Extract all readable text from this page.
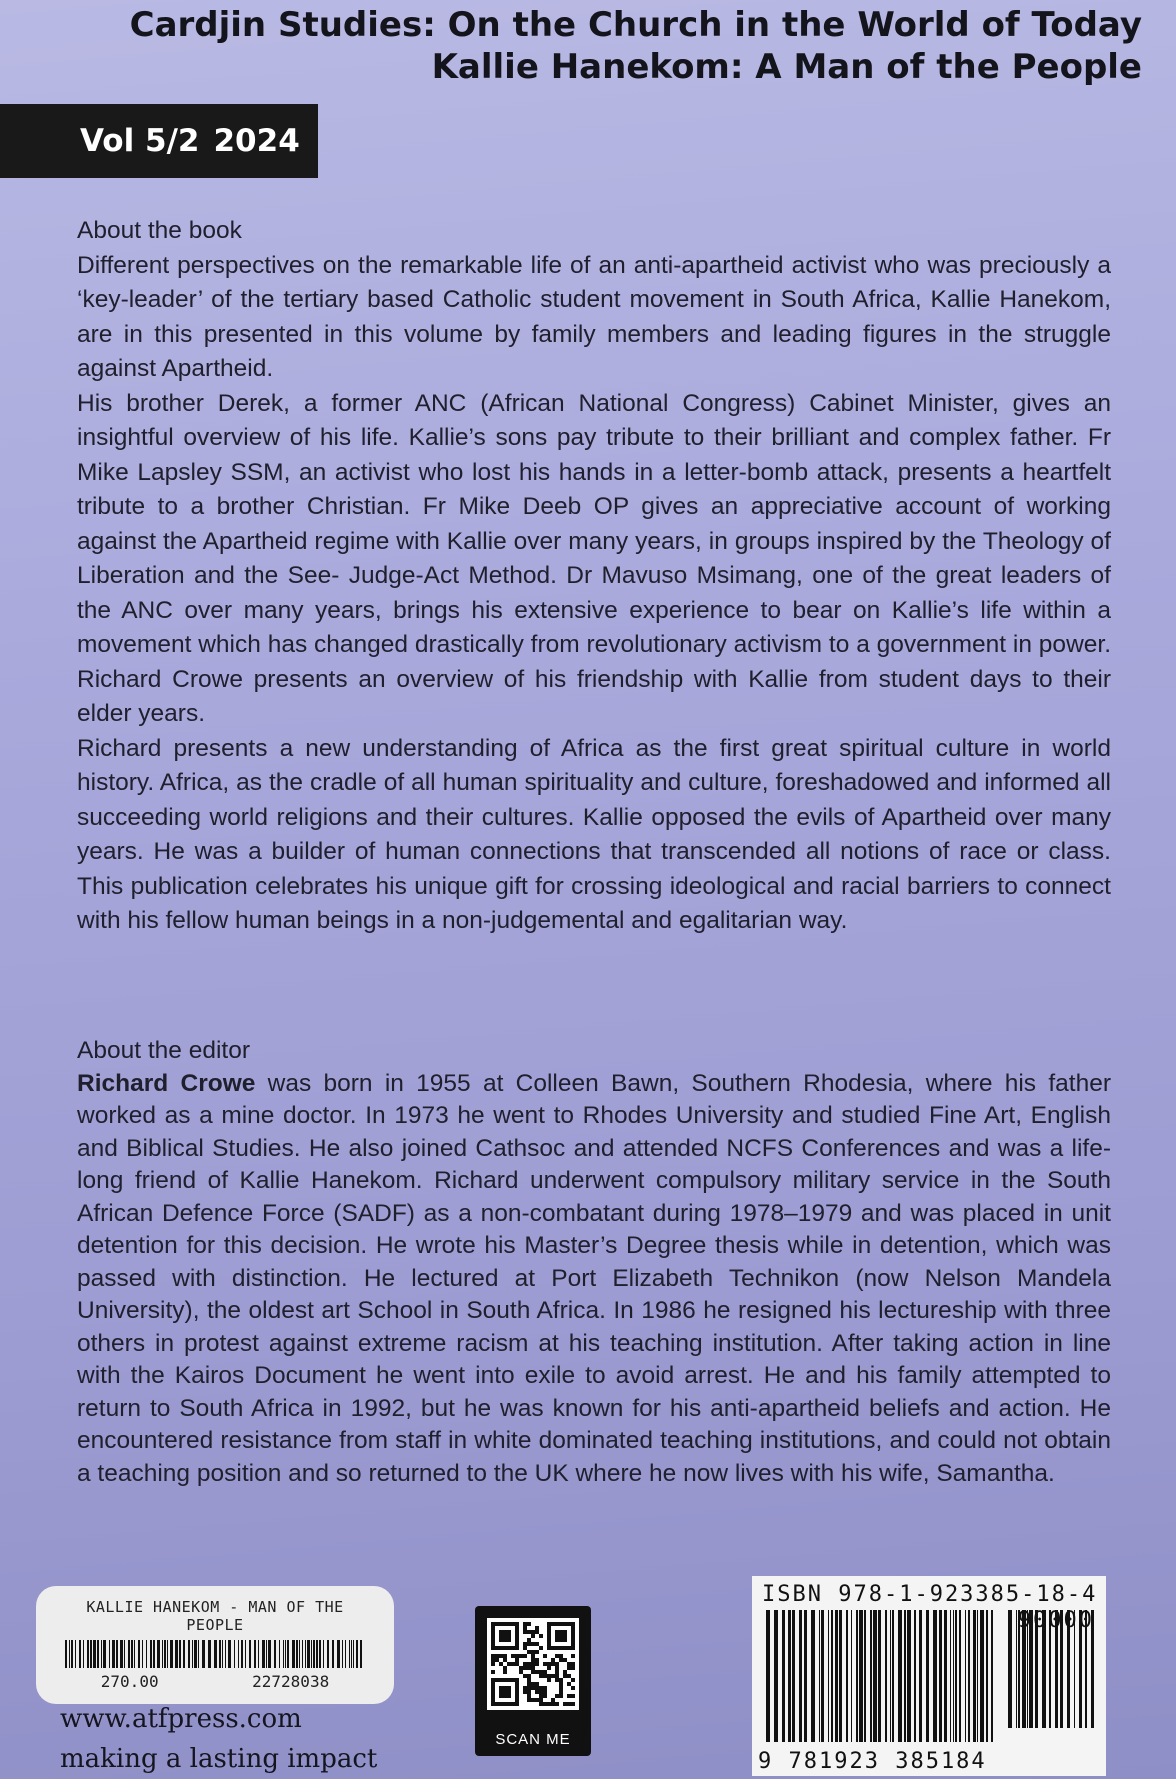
Cardjin Studies: On the Church in the World of Today
Kallie Hanekom: A Man of the People
Vol 5/2 2024
About the book

Different perspectives on the remarkable life of an anti-apartheid activist who was preciously a ‘key-leader’ of the tertiary based Catholic student movement in South Africa, Kallie Hanekom, are in this presented in this volume by family members and leading figures in the struggle against Apartheid.

His brother Derek, a former ANC (African National Congress) Cabinet Minister, gives an insightful overview of his life. Kallie’s sons pay tribute to their brilliant and complex father. Fr Mike Lapsley SSM, an activist who lost his hands in a letter-bomb attack, presents a heartfelt tribute to a brother Christian. Fr Mike Deeb OP gives an appreciative account of working against the Apartheid regime with Kallie over many years, in groups inspired by the Theology of Liberation and the See- Judge-Act Method. Dr Mavuso Msimang, one of the great leaders of the ANC over many years, brings his extensive experience to bear on Kallie’s life within a movement which has changed drastically from revolutionary activism to a government in power. Richard Crowe presents an overview of his friendship with Kallie from student days to their elder years.

Richard presents a new understanding of Africa as the first great spiritual culture in world history. Africa, as the cradle of all human spirituality and culture, foreshadowed and informed all succeeding world religions and their cultures. Kallie opposed the evils of Apartheid over many years. He was a builder of human connections that transcended all notions of race or class. This publication celebrates his unique gift for crossing ideological and racial barriers to connect with his fellow human beings in a non-judgemental and egalitarian way.

About the editor

Richard Crowe was born in 1955 at Colleen Bawn, Southern Rhodesia, where his father worked as a mine doctor. In 1973 he went to Rhodes University and studied Fine Art, English and Biblical Studies. He also joined Cathsoc and attended NCFS Conferences and was a life- long friend of Kallie Hanekom. Richard underwent compulsory military service in the South African Defence Force (SADF) as a non-combatant during 1978–1979 and was placed in unit detention for this decision. He wrote his Master’s Degree thesis while in detention, which was passed with distinction. He lectured at Port Elizabeth Technikon (now Nelson Mandela University), the oldest art School in South Africa. In 1986 he resigned his lectureship with three others in protest against extreme racism at his teaching institution. After taking action in line with the Kairos Document he went into exile to avoid arrest. He and his family attempted to return to South Africa in 1992, but he was known for his anti-apartheid beliefs and action. He encountered resistance from staff in white dominated teaching institutions, and could not obtain a teaching position and so returned to the UK where he now lives with his wife, Samantha.

KALLIE HANEKOM - MAN OF THE PEOPLE
270.00	22728038
SCAN ME
ISBN 978-1-923385-18-4
9 781923 385184
www.atfpress.com
making a lasting impact
